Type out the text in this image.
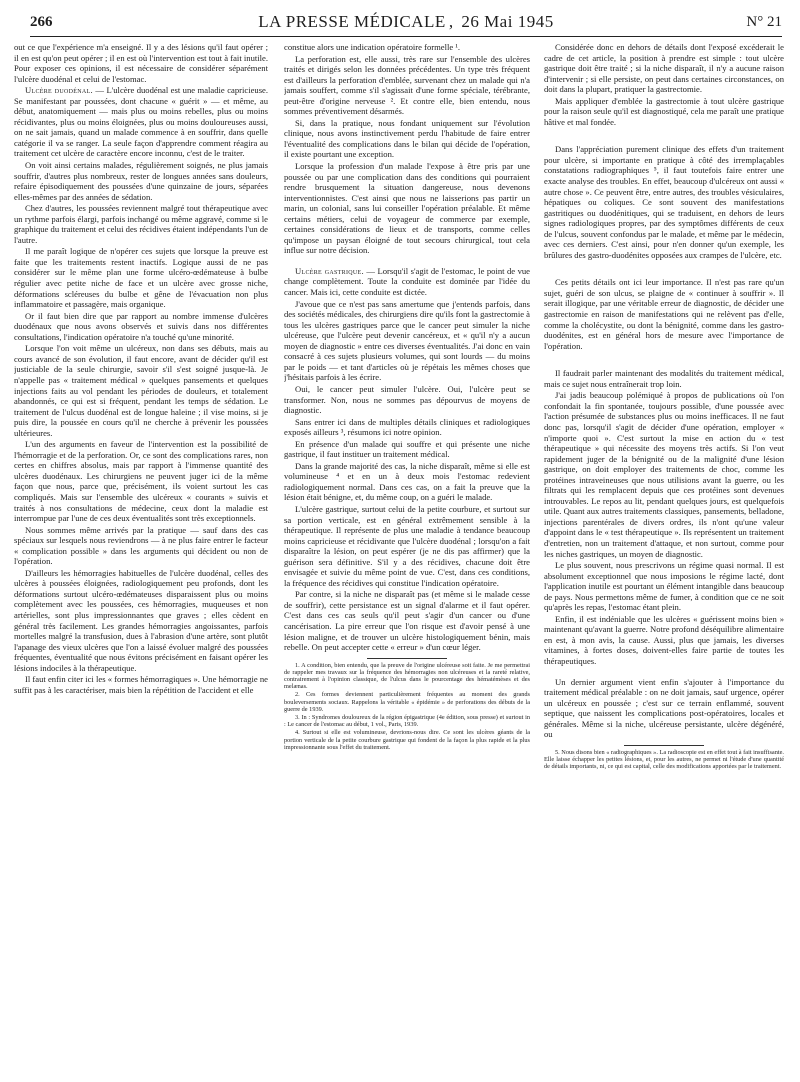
266	LA PRESSE MÉDICALE , 26 Mai 1945	N° 21

out ce que l'expérience m'a enseigné. Il y a des lésions qu'il faut opérer ; il en est qu'on peut opérer ; il en est où l'intervention est tout à fait inutile. Pour exposer ces opinions, il est nécessaire de considérer séparément l'ulcère duodénal et celui de l'estomac.

Ulcère duodénal. — L'ulcère duodénal est une maladie capricieuse. Se manifestant par poussées, dont chacune « guérit » — et même, au début, anatomiquement — mais plus ou moins rebelles, plus ou moins récidivantes, plus ou moins éloignées, plus ou moins douloureuses aussi, on ne sait jamais, quand un malade commence à en souffrir, dans quelle catégorie il va se ranger. La seule façon d'apprendre comment réagira au traitement cet ulcère de caractère encore inconnu, c'est de le traiter.

On voit ainsi certains malades, régulièrement soignés, ne plus jamais souffrir, d'autres plus nombreux, rester de longues années sans douleurs, refaire épisodiquement des poussées d'une quinzaine de jours, séparées elles-mêmes par des années de sédation.

Chez d'autres, les poussées reviennent malgré tout thérapeutique avec un rythme parfois élargi, parfois inchangé ou même aggravé, comme si le graphique du traitement et celui des récidives étaient indépendants l'un de l'autre.

Il me paraît logique de n'opérer ces sujets que lorsque la preuve est faite que les traitements restent inactifs. Logique aussi de ne pas considérer sur le même plan une forme ulcéro-œdémateuse à bulbe régulier avec petite niche de face et un ulcère avec grosse niche, déformations scléreuses du bulbe et gêne de l'évacuation non plus inflammatoire et passagère, mais organique.

Or il faut bien dire que par rapport au nombre immense d'ulcères duodénaux que nous avons observés et suivis dans nos différentes consultations, l'indication opératoire n'a touché qu'une minorité.

Lorsque l'on voit même un ulcéreux, non dans ses débuts, mais au cours avancé de son évolution, il faut encore, avant de décider qu'il est justiciable de la seule chirurgie, savoir s'il s'est soigné jusque-là. Je n'appelle pas « traitement médical » quelques pansements et quelques injections faits au vol pendant les périodes de douleurs, et totalement abandonnés, ce qui est si fréquent, pendant les temps de sédation. Le traitement de l'ulcus duodénal est de longue haleine ; il vise moins, si je puis dire, la poussée en cours qu'il ne cherche à prévenir les poussées ultérieures.

L'un des arguments en faveur de l'intervention est la possibilité de l'hémorragie et de la perforation. Or, ce sont des complications rares, non certes en chiffres absolus, mais par rapport à l'immense quantité des ulcères duodénaux. Les chirurgiens ne peuvent juger ici de la même façon que nous, parce que, précisément, ils voient surtout les cas compliqués. Mais sur l'ensemble des ulcéreux « courants » suivis et traités à nos consultations de médecine, ceux dont la maladie est interrompue par l'une de ces deux éventualités sont très exceptionnels.

Nous sommes même arrivés par la pratique — sauf dans des cas spéciaux sur lesquels nous reviendrons — à ne plus faire entrer le facteur « complication possible » dans les arguments qui décident ou non de l'opération.

D'ailleurs les hémorragies habituelles de l'ulcère duodénal, celles des ulcères à poussées éloignées, radiologiquement peu profonds, dont les déformations surtout ulcéro-œdémateuses disparaissent plus ou moins complètement avec les poussées, ces hémorragies, muqueuses et non artérielles, sont plus impressionnantes que graves ; elles cèdent en général très facilement. Les grandes hémorragies angoissantes, parfois mortelles malgré la transfusion, dues à l'abrasion d'une artère, sont plutôt l'apanage des vieux ulcères que l'on a laissé évoluer malgré des poussées fréquentes, éventualité que nous évitons précisément en faisant opérer les lésions indociles à la thérapeutique.

Il faut enfin citer ici les « formes hémorragiques ». Une hémorragie ne suffit pas à les caractériser, mais bien la répétition de l'accident et elle

constitue alors une indication opératoire formelle ¹.

La perforation est, elle aussi, très rare sur l'ensemble des ulcères traités et dirigés selon les données précédentes. Un type très fréquent est d'ailleurs la perforation d'emblée, survenant chez un malade qui n'a jamais souffert, comme s'il s'agissait d'une forme spéciale, térébrante, peut-être d'origine nerveuse ². Et contre elle, bien entendu, nous sommes préventivement désarmés.

Si, dans la pratique, nous fondant uniquement sur l'évolution clinique, nous avons instinctivement perdu l'habitude de faire entrer l'éventualité des complications dans le bilan qui décide de l'opération, il existe pourtant une exception.

Lorsque la profession d'un malade l'expose à être pris par une poussée ou par une complication dans des conditions qui pourraient rendre brusquement la situation dangereuse, nous devenons interventionnistes. C'est ainsi que nous ne laisserions pas partir un marin, un colonial, sans lui conseiller l'opération préalable. Et même certains métiers, celui de voyageur de commerce par exemple, certaines considérations de lieux et de transports, comme celles qu'impose un paysan éloigné de tout secours chirurgical, tout cela influe sur notre décision.

Ulcère gastrique. — Lorsqu'il s'agit de l'estomac, le point de vue change complètement. Toute la conduite est dominée par l'idée du cancer. Mais ici, cette conduite est dictée.

J'avoue que ce n'est pas sans amertume que j'entends parfois, dans des sociétés médicales, des chirurgiens dire qu'ils font la gastrectomie à tous les ulcères gastriques parce que le cancer peut simuler la niche ulcéreuse, que l'ulcère peut devenir cancéreux, et « qu'il n'y a aucun moyen de diagnostic » entre ces diverses éventualités. J'ai donc en vain consacré à ces sujets plusieurs volumes, qui sont lourds — du moins par le poids — et tant d'articles où je répétais les mêmes choses que j'hésitais parfois à les écrire.

Oui, le cancer peut simuler l'ulcère. Oui, l'ulcère peut se transformer. Non, nous ne sommes pas dépourvus de moyens de diagnostic.

Sans entrer ici dans de multiples détails cliniques et radiologiques exposés ailleurs ³, résumons ici notre opinion.

En présence d'un malade qui souffre et qui présente une niche gastrique, il faut instituer un traitement médical.

Dans la grande majorité des cas, la niche disparaît, même si elle est volumineuse ⁴ et en un à deux mois l'estomac redevient radiologiquement normal. Dans ces cas, on a fait la preuve que la lésion était bénigne, et, du même coup, on a guéri le malade.

L'ulcère gastrique, surtout celui de la petite courbure, et surtout sur sa portion verticale, est en général extrêmement sensible à la thérapeutique. Il représente de plus une maladie à tendance beaucoup moins capricieuse et récidivante que l'ulcère duodénal ; lorsqu'on a fait disparaître la lésion, on peut espérer (je ne dis pas affirmer) que la guérison sera définitive. S'il y a des récidives, chacune doit être envisagée et suivie du même point de vue. C'est, dans ces conditions, la fréquence des récidives qui constitue l'indication opératoire.

Par contre, si la niche ne disparaît pas (et même si le malade cesse de souffrir), cette persistance est un signal d'alarme et il faut opérer. C'est dans ces cas seuls qu'il peut s'agir d'un cancer ou d'une cancérisation. La pire erreur que l'on risque est d'avoir pensé à une lésion maligne, et de trouver un ulcère histologiquement bénin, mais rebelle. On peut accepter cette « erreur » d'un cœur léger.

1. A condition, bien entendu, que la preuve de l'origine ulcéreuse soit faite. Je me permettrai de rappeler mes travaux sur la fréquence des hémorragies non ulcéreuses et la rareté relative, contrairement à l'opinion classique, de l'ulcus dans le pourcentage des hématémèses et des melænas.

2. Ces formes deviennent particulièrement fréquentes au moment des grands bouleversements sociaux. Rappelons la véritable « épidémie » de perforations des débuts de la guerre de 1939.

3. In : Syndromes douloureux de la région épigastrique (4e édition, sous presse) et surtout in : Le cancer de l'estomac au début, 1 vol., Paris, 1939.

4. Surtout si elle est volumineuse, devrions-nous dire. Ce sont les ulcères géants de la portion verticale de la petite courbure gastrique qui fondent de la façon la plus rapide et la plus impressionnante sous l'effet du traitement.

Considérée donc en dehors de détails dont l'exposé excéderait le cadre de cet article, la position à prendre est simple : tout ulcère gastrique doit être traité ; si la niche disparaît, il n'y a aucune raison d'intervenir ; si elle persiste, on peut dans certaines circonstances, on doit dans la plupart, pratiquer la gastrectomie.

Mais appliquer d'emblée la gastrectomie à tout ulcère gastrique pour la raison seule qu'il est diagnostiqué, cela me paraît une pratique hâtive et mal fondée.

Dans l'appréciation purement clinique des effets d'un traitement pour ulcère, si importante en pratique à côté des irremplaçables constatations radiographiques ⁵, il faut toutefois faire entrer une exacte analyse des troubles. En effet, beaucoup d'ulcéreux ont aussi « autre chose ». Ce peuvent être, entre autres, des troubles vésiculaires, hépatiques ou coliques. Ce sont souvent des manifestations gastritiques ou duodénitiques, qui se traduisent, en dehors de leurs signes radiologiques propres, par des symptômes différents de ceux de l'ulcus, souvent confondus par le malade, et même par le médecin, avec ces derniers. C'est ainsi, pour n'en donner qu'un exemple, les brûlures des gastro-duodénites opposées aux crampes de l'ulcère, etc.

Ces petits détails ont ici leur importance. Il n'est pas rare qu'un sujet, guéri de son ulcus, se plaigne de « continuer à souffrir ». Il serait illogique, par une véritable erreur de diagnostic, de décider une gastrectomie en raison de manifestations qui ne relèvent pas d'elle, comme la cholécystite, ou dont la bénignité, comme dans les gastro-duodénites, est en général hors de mesure avec l'importance de l'opération.

Il faudrait parler maintenant des modalités du traitement médical, mais ce sujet nous entraînerait trop loin.

J'ai jadis beaucoup polémiqué à propos de publications où l'on confondait la fin spontanée, toujours possible, d'une poussée avec l'action présumée de substances plus ou moins inefficaces. Il ne faut donc pas, lorsqu'il s'agit de décider d'une opération, employer « n'importe quoi ». C'est surtout la mise en action du « test thérapeutique » qui nécessite des moyens très actifs. Si l'on veut rapidement juger de la bénignité ou de la malignité d'une lésion gastrique, on doit employer des traitements de choc, comme les protéines intraveineuses que nous utilisions avant la guerre, ou les filtrats qui les remplacent depuis que ces protéines sont devenues introuvables. Le repos au lit, pendant quelques jours, est quelquefois utile. Quant aux autres traitements classiques, pansements, belladone, injections parentérales de divers ordres, ils n'ont qu'une valeur d'appoint dans le « test thérapeutique ». Ils représentent un traitement d'entretien, non un traitement d'attaque, et non surtout, comme pour les niches gastriques, un moyen de diagnostic.

Le plus souvent, nous prescrivons un régime quasi normal. Il est absolument exceptionnel que nous imposions le régime lacté, dont l'application inutile est pourtant un élément intangible dans beaucoup de pays. Nous permettons même de fumer, à condition que ce ne soit qu'après les repas, l'estomac étant plein.

Enfin, il est indéniable que les ulcères « guérissent moins bien » maintenant qu'avant la guerre. Notre profond déséquilibre alimentaire en est, à mon avis, la cause. Aussi, plus que jamais, les diverses vitamines, à fortes doses, doivent-elles faire partie de toutes les thérapeutiques.

Un dernier argument vient enfin s'ajouter à l'importance du traitement médical préalable : on ne doit jamais, sauf urgence, opérer un ulcéreux en poussée ; c'est sur ce terrain enflammé, souvent septique, que naissent les complications post-opératoires, locales et générales. Même si la niche, ulcéreuse persistante, ulcère dégénéré, ou

5. Nous disons bien « radiographiques ». La radioscopie est en effet tout à fait insuffisante. Elle laisse échapper les petites lésions, et, pour les autres, ne permet ni l'étude d'une quantité de détails importants, ni, ce qui est capital, celle des modifications apportées par le traitement.
